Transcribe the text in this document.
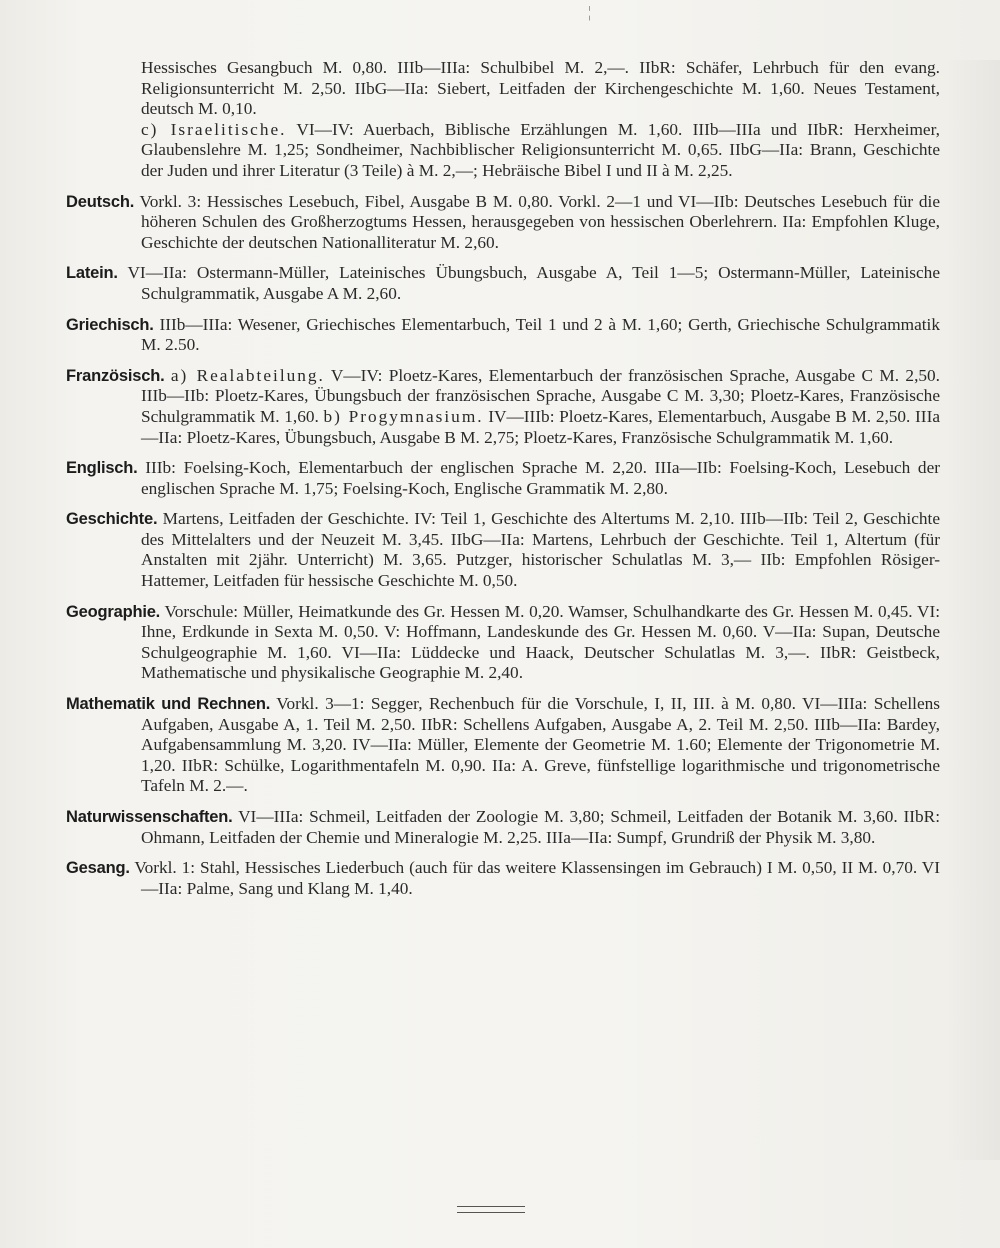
¦

Hessisches Gesangbuch M. 0,80. IIIb—IIIa: Schulbibel M. 2,—. IIbR: Schäfer, Lehrbuch für den evang. Religionsunterricht M. 2,50. IIbG—IIa: Siebert, Leitfaden der Kirchengeschichte M. 1,60. Neues Testament, deutsch M. 0,10.

c) Israelitische. VI—IV: Auerbach, Biblische Erzählungen M. 1,60. IIIb—IIIa und IIbR: Herxheimer, Glaubenslehre M. 1,25; Sondheimer, Nachbiblischer Religionsunterricht M. 0,65. IIbG—IIa: Brann, Geschichte der Juden und ihrer Literatur (3 Teile) à M. 2,—; Hebräische Bibel I und II à M. 2,25.

Deutsch. Vorkl. 3: Hessisches Lesebuch, Fibel, Ausgabe B M. 0,80. Vorkl. 2—1 und VI—IIb: Deutsches Lesebuch für die höheren Schulen des Großherzogtums Hessen, herausgegeben von hessischen Oberlehrern. IIa: Empfohlen Kluge, Geschichte der deutschen Nationalliteratur M. 2,60.

Latein. VI—IIa: Ostermann-Müller, Lateinisches Übungsbuch, Ausgabe A, Teil 1—5; Ostermann-Müller, Lateinische Schulgrammatik, Ausgabe A M. 2,60.

Griechisch. IIIb—IIIa: Wesener, Griechisches Elementarbuch, Teil 1 und 2 à M. 1,60; Gerth, Griechische Schulgrammatik M. 2.50.

Französisch. a) Realabteilung. V—IV: Ploetz-Kares, Elementarbuch der französischen Sprache, Ausgabe C M. 2,50. IIIb—IIb: Ploetz-Kares, Übungsbuch der französischen Sprache, Ausgabe C M. 3,30; Ploetz-Kares, Französische Schulgrammatik M. 1,60. b) Progymnasium. IV—IIIb: Ploetz-Kares, Elementarbuch, Ausgabe B M. 2,50. IIIa—IIa: Ploetz-Kares, Übungsbuch, Ausgabe B M. 2,75; Ploetz-Kares, Französische Schulgrammatik M. 1,60.

Englisch. IIIb: Foelsing-Koch, Elementarbuch der englischen Sprache M. 2,20. IIIa—IIb: Foelsing-Koch, Lesebuch der englischen Sprache M. 1,75; Foelsing-Koch, Englische Grammatik M. 2,80.

Geschichte. Martens, Leitfaden der Geschichte. IV: Teil 1, Geschichte des Altertums M. 2,10. IIIb—IIb: Teil 2, Geschichte des Mittelalters und der Neuzeit M. 3,45. IIbG—IIa: Martens, Lehrbuch der Geschichte. Teil 1, Altertum (für Anstalten mit 2jähr. Unterricht) M. 3,65. Putzger, historischer Schulatlas M. 3,— IIb: Empfohlen Rösiger-Hattemer, Leitfaden für hessische Geschichte M. 0,50.

Geographie. Vorschule: Müller, Heimatkunde des Gr. Hessen M. 0,20. Wamser, Schulhandkarte des Gr. Hessen M. 0,45. VI: Ihne, Erdkunde in Sexta M. 0,50. V: Hoffmann, Landeskunde des Gr. Hessen M. 0,60. V—IIa: Supan, Deutsche Schulgeographie M. 1,60. VI—IIa: Lüddecke und Haack, Deutscher Schulatlas M. 3,—. IIbR: Geistbeck, Mathematische und physikalische Geographie M. 2,40.

Mathematik und Rechnen. Vorkl. 3—1: Segger, Rechenbuch für die Vorschule, I, II, III. à M. 0,80. VI—IIIa: Schellens Aufgaben, Ausgabe A, 1. Teil M. 2,50. IIbR: Schellens Aufgaben, Ausgabe A, 2. Teil M. 2,50. IIIb—IIa: Bardey, Aufgabensammlung M. 3,20. IV—IIa: Müller, Elemente der Geometrie M. 1.60; Elemente der Trigonometrie M. 1,20. IIbR: Schülke, Logarithmentafeln M. 0,90. IIa: A. Greve, fünfstellige logarithmische und trigonometrische Tafeln M. 2.—.

Naturwissenschaften. VI—IIIa: Schmeil, Leitfaden der Zoologie M. 3,80; Schmeil, Leitfaden der Botanik M. 3,60. IIbR: Ohmann, Leitfaden der Chemie und Mineralogie M. 2,25. IIIa—IIa: Sumpf, Grundriß der Physik M. 3,80.

Gesang. Vorkl. 1: Stahl, Hessisches Liederbuch (auch für das weitere Klassensingen im Gebrauch) I M. 0,50, II M. 0,70. VI—IIa: Palme, Sang und Klang M. 1,40.
